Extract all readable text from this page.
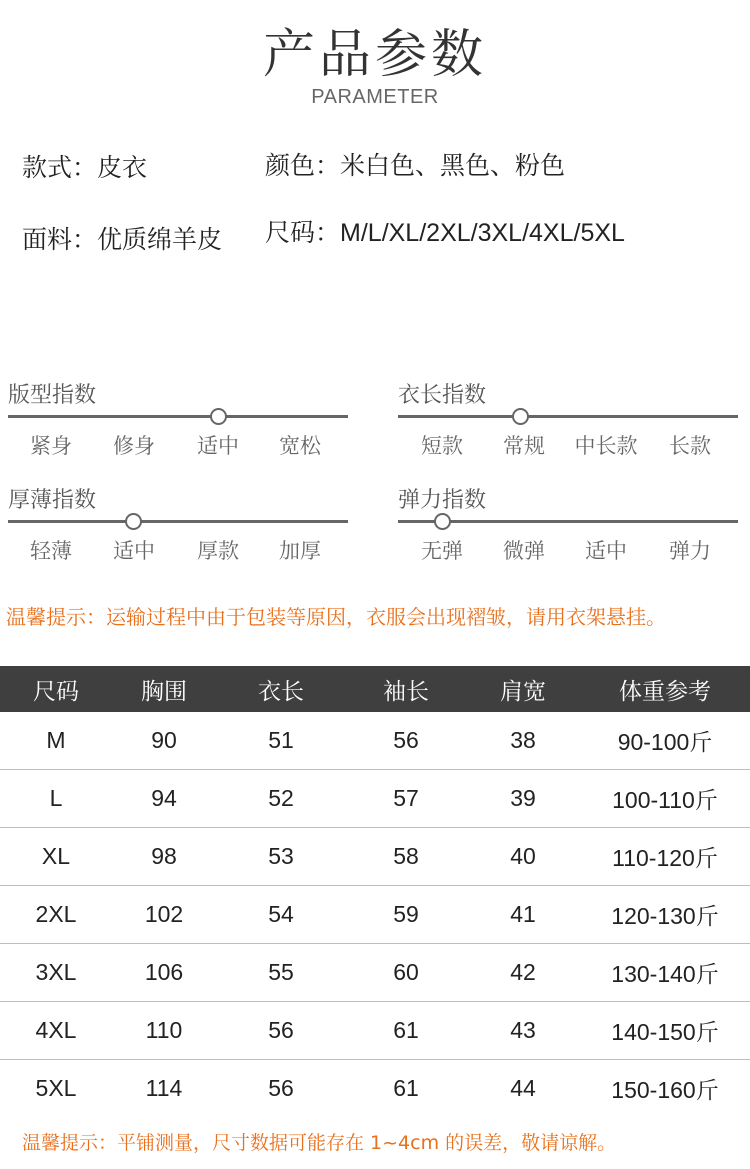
产品参数
PARAMETER
款式：皮衣	颜色：米白色、黑色、粉色
面料：优质绵羊皮 尺码：M/L/XL/2XL/3XL/4XL/5XL
版型指数
紧身	修身	适中	宽松
衣长指数
短款	常规	中长款	长款
厚薄指数
轻薄	适中	厚款	加厚
弹力指数
无弹	微弹	适中	弹力
温馨提示：运输过程中由于包装等原因，衣服会出现褶皱，请用衣架悬挂。
尺码	胸围	衣长	袖长	肩宽	体重参考
M	90	51	56	38	90-100斤
L	94	52	57	39	100-110斤
XL	98	53	58	40	110-120斤
2XL	102	54	59	41	120-130斤
3XL	106	55	60	42	130-140斤
4XL	110	56	61	43	140-150斤
5XL	114	56	61	44	150-160斤
温馨提示：平铺测量，尺寸数据可能存在 1~4cm 的误差，敬请谅解。
